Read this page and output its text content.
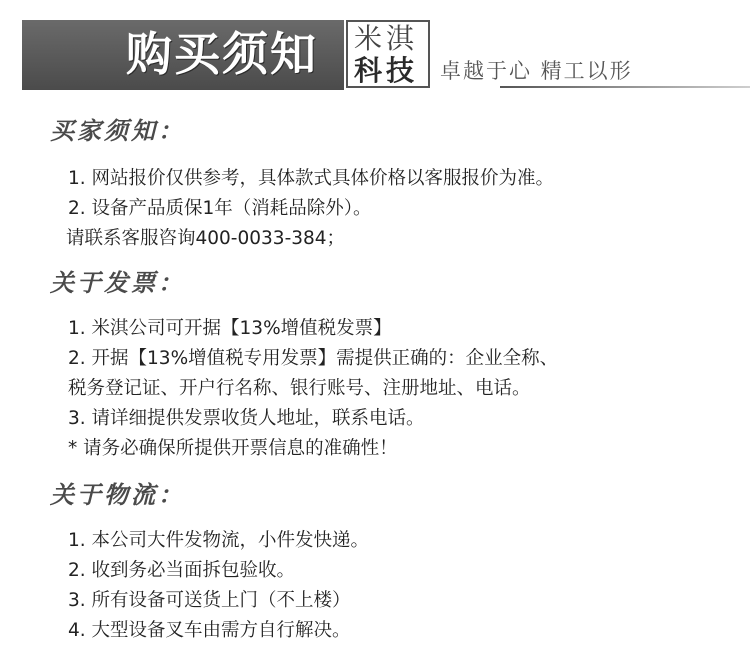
购买须知 米淇
科技 卓越于心 精工以形
买家须知：
1. 网站报价仅供参考，具体款式具体价格以客服报价为准。
2. 设备产品质保1年（消耗品除外）。
请联系客服咨询400-0033-384；
关于发票：
1. 米淇公司可开据【13%增值税发票】
2. 开据【13%增值税专用发票】需提供正确的：企业全称、
税务登记证、开户行名称、银行账号、注册地址、电话。
3. 请详细提供发票收货人地址，联系电话。
* 请务必确保所提供开票信息的准确性！
关于物流：
1. 本公司大件发物流，小件发快递。
2. 收到务必当面拆包验收。
3. 所有设备可送货上门（不上楼）
4. 大型设备叉车由需方自行解决。
